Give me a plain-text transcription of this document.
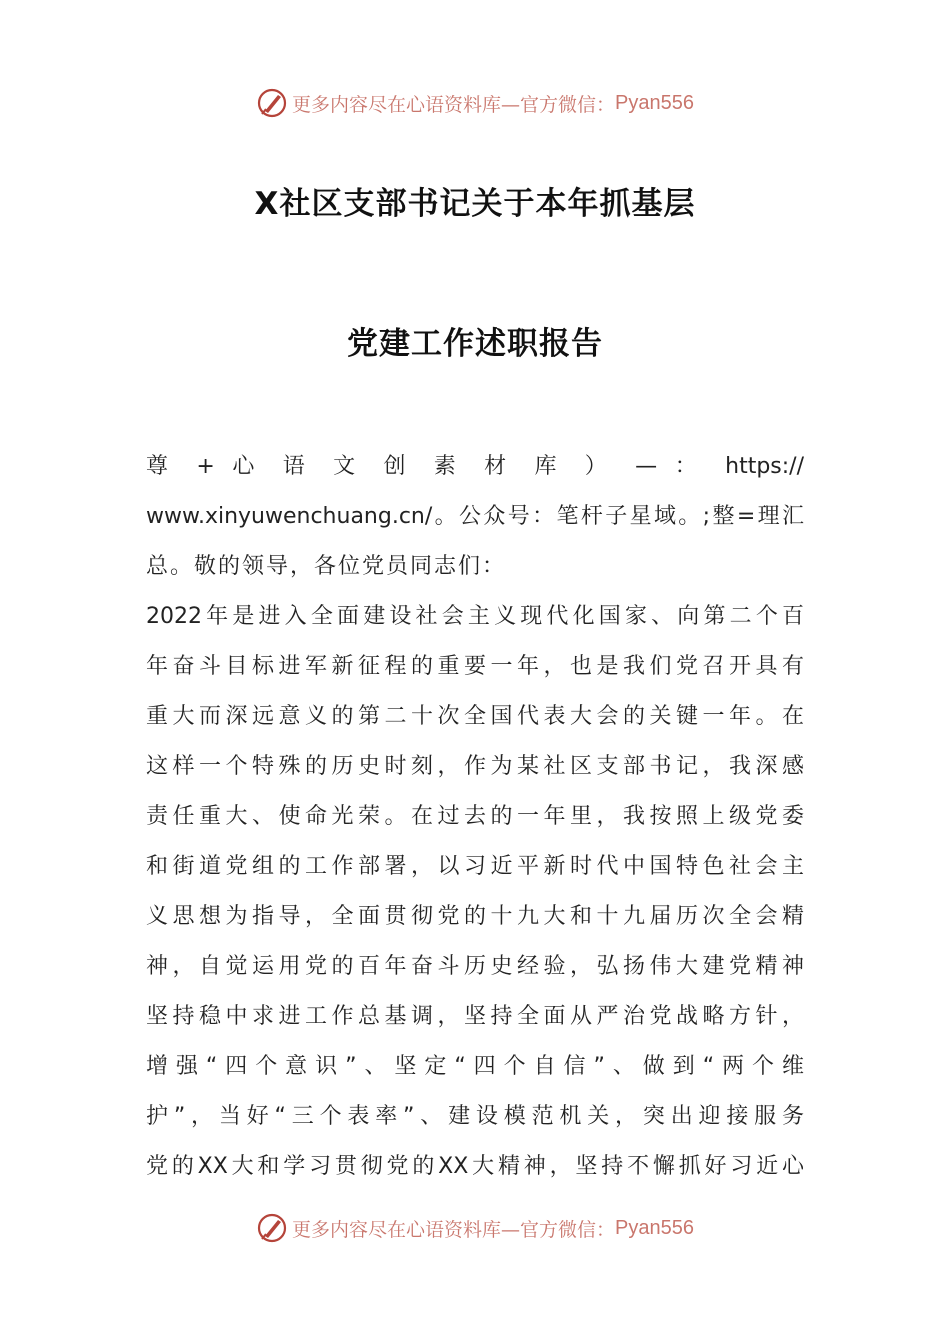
更多内容尽在心语资料库—官方微信： Pyan556
X社区支部书记关于本年抓基层
党建工作述职报告
尊 + 心 语 文 创 素 材 库 ） — ： https://
www.xinyuwenchuang.cn/。公众号：笔杆子星域。;整=理汇
总。敬的领导，各位党员同志们：
2022年是进入全面建设社会主义现代化国家、向第二个百
年奋斗目标进军新征程的重要一年，也是我们党召开具有
重大而深远意义的第二十次全国代表大会的关键一年。在
这样一个特殊的历史时刻，作为某社区支部书记，我深感
责任重大、使命光荣。在过去的一年里，我按照上级党委
和街道党组的工作部署，以习近平新时代中国特色社会主
义思想为指导，全面贯彻党的十九大和十九届历次全会精
神，自觉运用党的百年奋斗历史经验，弘扬伟大建党精神
坚持稳中求进工作总基调，坚持全面从严治党战略方针，
增强“四个意识”、坚定“四个自信”、做到“两个维
护”，当好“三个表率”、建设模范机关，突出迎接服务
党的XX大和学习贯彻党的XX大精神，坚持不懈抓好习近心
更多内容尽在心语资料库—官方微信： Pyan556
